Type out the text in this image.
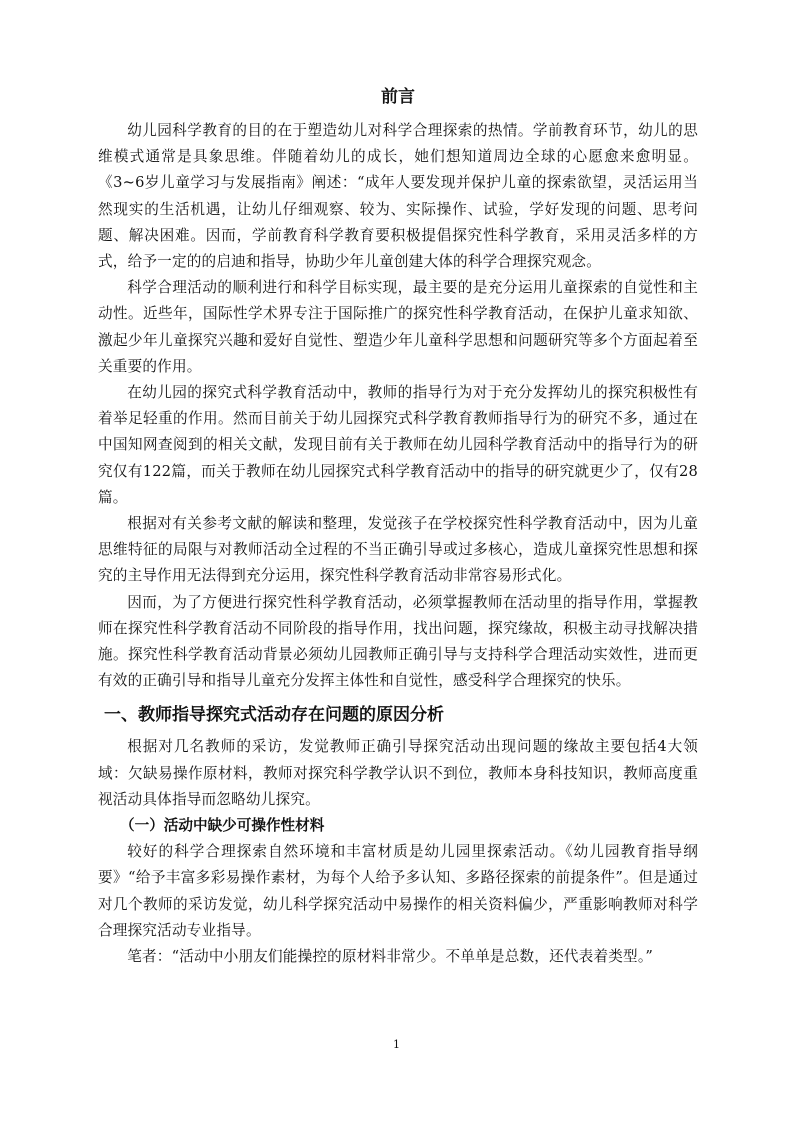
前言

幼儿园科学教育的目的在于塑造幼儿对科学合理探索的热情。学前教育环节，幼儿的思维模式通常是具象思维。伴随着幼儿的成长，她们想知道周边全球的心愿愈来愈明显。《3~6岁儿童学习与发展指南》阐述：“成年人要发现并保护儿童的探索欲望，灵活运用当然现实的生活机遇，让幼儿仔细观察、较为、实际操作、试验，学好发现的问题、思考问题、解决困难。因而，学前教育科学教育要积极提倡探究性科学教育，采用灵活多样的方式，给予一定的的启迪和指导，协助少年儿童创建大体的科学合理探究观念。

科学合理活动的顺利进行和科学目标实现，最主要的是充分运用儿童探索的自觉性和主动性。近些年，国际性学术界专注于国际推广的探究性科学教育活动，在保护儿童求知欲、激起少年儿童探究兴趣和爱好自觉性、塑造少年儿童科学思想和问题研究等多个方面起着至关重要的作用。

在幼儿园的探究式科学教育活动中，教师的指导行为对于充分发挥幼儿的探究积极性有着举足轻重的作用。然而目前关于幼儿园探究式科学教育教师指导行为的研究不多，通过在中国知网查阅到的相关文献，发现目前有关于教师在幼儿园科学教育活动中的指导行为的研究仅有122篇，而关于教师在幼儿园探究式科学教育活动中的指导的研究就更少了，仅有28篇。

根据对有关参考文献的解读和整理，发觉孩子在学校探究性科学教育活动中，因为儿童思维特征的局限与对教师活动全过程的不当正确引导或过多核心，造成儿童探究性思想和探究的主导作用无法得到充分运用，探究性科学教育活动非常容易形式化。

因而，为了方便进行探究性科学教育活动，必须掌握教师在活动里的指导作用，掌握教师在探究性科学教育活动不同阶段的指导作用，找出问题，探究缘故，积极主动寻找解决措施。探究性科学教育活动背景必须幼儿园教师正确引导与支持科学合理活动实效性，进而更有效的正确引导和指导儿童充分发挥主体性和自觉性，感受科学合理探究的快乐。

一、教师指导探究式活动存在问题的原因分析

根据对几名教师的采访，发觉教师正确引导探究活动出现问题的缘故主要包括4大领域：欠缺易操作原材料，教师对探究科学教学认识不到位，教师本身科技知识，教师高度重视活动具体指导而忽略幼儿探究。

（一）活动中缺少可操作性材料

较好的科学合理探索自然环境和丰富材质是幼儿园里探索活动。《幼儿园教育指导纲要》“给予丰富多彩易操作素材，为每个人给予多认知、多路径探索的前提条件”。但是通过对几个教师的采访发觉，幼儿科学探究活动中易操作的相关资料偏少，严重影响教师对科学合理探究活动专业指导。

笔者：“活动中小朋友们能操控的原材料非常少。不单单是总数，还代表着类型。”

1
